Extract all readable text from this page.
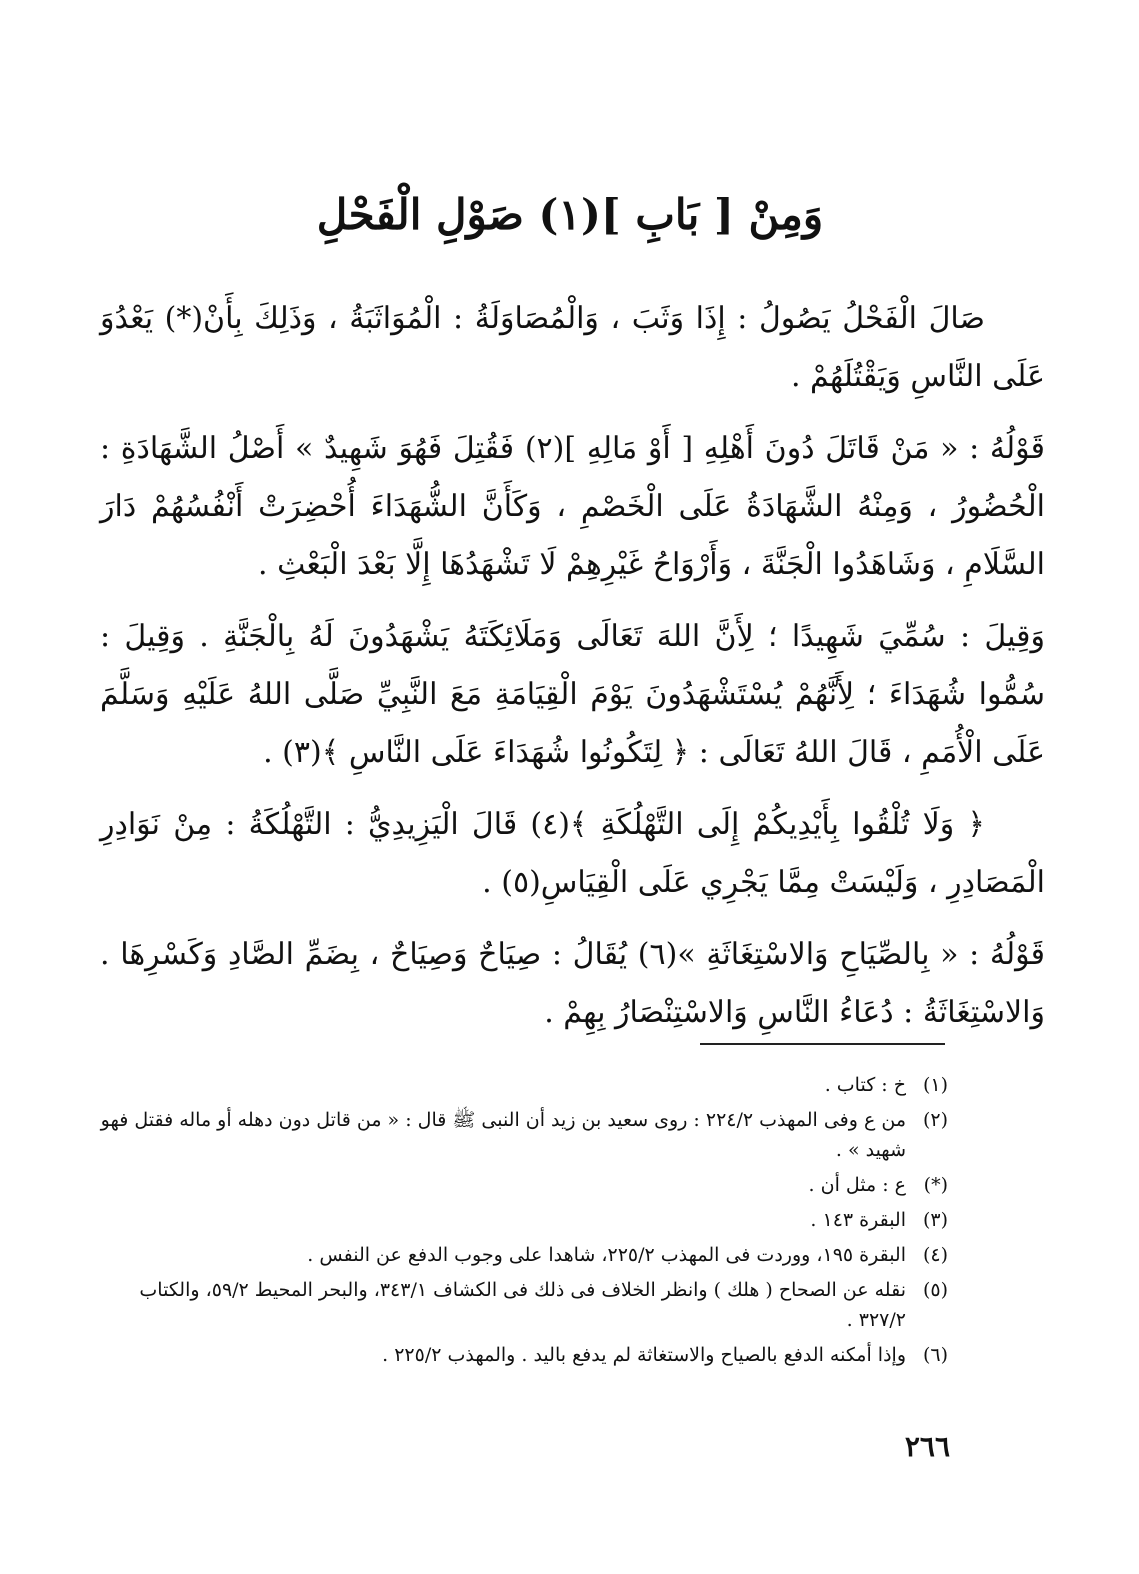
وَمِنْ [ بَابِ ](١) صَوْلِ الْفَحْلِ

صَالَ الْفَحْلُ يَصُولُ : إِذَا وَثَبَ ، وَالْمُصَاوَلَةُ : الْمُوَاثَبَةُ ، وَذَلِكَ بِأَنْ(*) يَعْدُوَ عَلَى النَّاسِ وَيَقْتُلَهُمْ .

قَوْلُهُ : « مَنْ قَاتَلَ دُونَ أَهْلِهِ [ أَوْ مَالِهِ ](٢) فَقُتِلَ فَهُوَ شَهِيدٌ » أَصْلُ الشَّهَادَةِ : الْحُضُورُ ، وَمِنْهُ الشَّهَادَةُ عَلَى الْخَصْمِ ، وَكَأَنَّ الشُّهَدَاءَ أُحْضِرَتْ أَنْفُسُهُمْ دَارَ السَّلَامِ ، وَشَاهَدُوا الْجَنَّةَ ، وَأَرْوَاحُ غَيْرِهِمْ لَا تَشْهَدُهَا إِلَّا بَعْدَ الْبَعْثِ .

وَقِيلَ : سُمِّيَ شَهِيدًا ؛ لِأَنَّ اللهَ تَعَالَى وَمَلَائِكَتَهُ يَشْهَدُونَ لَهُ بِالْجَنَّةِ . وَقِيلَ : سُمُّوا شُهَدَاءَ ؛ لِأَنَّهُمْ يُسْتَشْهَدُونَ يَوْمَ الْقِيَامَةِ مَعَ النَّبِيِّ صَلَّى اللهُ عَلَيْهِ وَسَلَّمَ عَلَى الْأُمَمِ ، قَالَ اللهُ تَعَالَى : ﴿ لِتَكُونُوا شُهَدَاءَ عَلَى النَّاسِ ﴾(٣) .

﴿ وَلَا تُلْقُوا بِأَيْدِيكُمْ إِلَى التَّهْلُكَةِ ﴾(٤) قَالَ الْيَزِيدِيُّ : التَّهْلُكَةُ : مِنْ نَوَادِرِ الْمَصَادِرِ ، وَلَيْسَتْ مِمَّا يَجْرِي عَلَى الْقِيَاسِ(٥) .

قَوْلُهُ : « بِالصِّيَاحِ وَالاسْتِغَاثَةِ »(٦) يُقَالُ : صِيَاحٌ وَصِيَاحٌ ، بِضَمِّ الصَّادِ وَكَسْرِهَا . وَالاسْتِغَاثَةُ : دُعَاءُ النَّاسِ وَالاسْتِنْصَارُ بِهِمْ .

(١)
خ : كتاب .
(٢)
من ع وفى المهذب ٢٢٤/٢ : روى سعيد بن زيد أن النبى ﷺ قال : « من قاتل دون دهله أو ماله فقتل فهو شهيد » .
(*)
ع : مثل أن .
(٣)
البقرة ١٤٣ .
(٤)
البقرة ١٩٥، ووردت فى المهذب ٢٢٥/٢، شاهدا على وجوب الدفع عن النفس .
(٥)
نقله عن الصحاح ( هلك ) وانظر الخلاف فى ذلك فى الكشاف ٣٤٣/١، والبحر المحيط ٥٩/٢، والكتاب ٣٢٧/٢ .
(٦)
وإذا أمكنه الدفع بالصياح والاستغاثة لم يدفع باليد . والمهذب ٢٢٥/٢ .
٢٦٦
